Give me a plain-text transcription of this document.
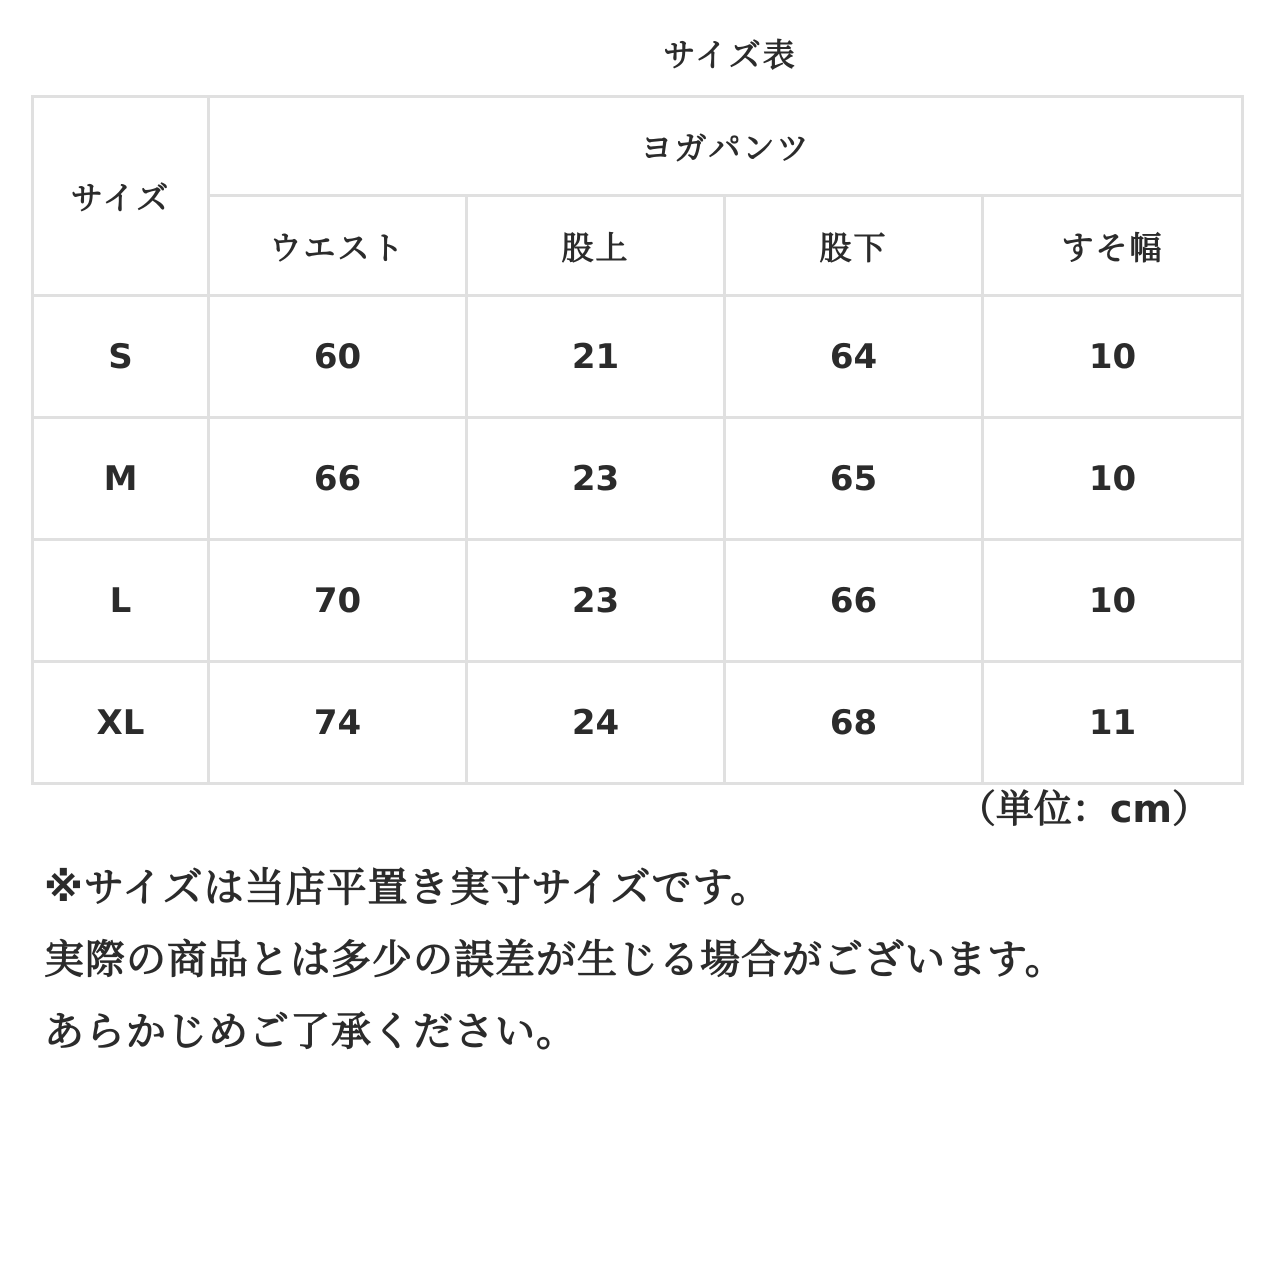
サイズ表
サイズ	ヨガパンツ			
	ウエスト	股上	股下	すそ幅
S	60	21	64	10
M	66	23	65	10
L	70	23	66	10
XL	74	24	68	11
（単位：cm）

※サイズは当店平置き実寸サイズです。

実際の商品とは多少の誤差が生じる場合がございます。

あらかじめご了承ください。
